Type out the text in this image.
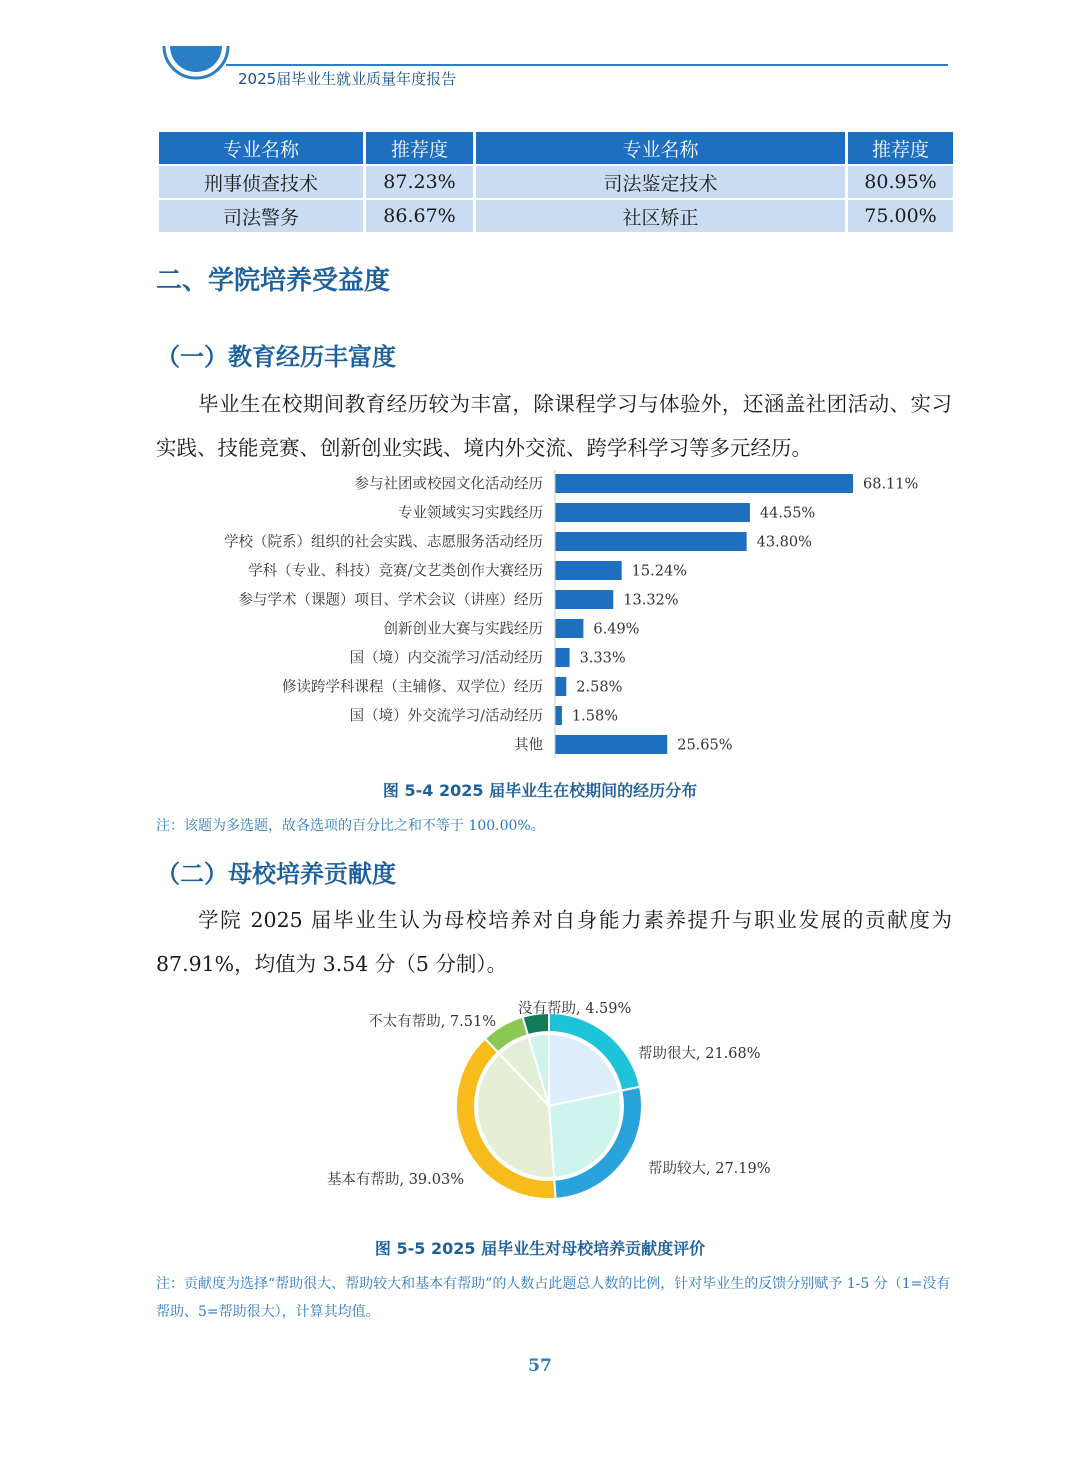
2025届毕业生就业质量年度报告
专业名称	推荐度	专业名称	推荐度
刑事侦查技术	87.23%	司法鉴定技术	80.95%
司法警务	86.67%	社区矫正	75.00%
二、学院培养受益度
（一）教育经历丰富度
毕业生在校期间教育经历较为丰富，除课程学习与体验外，还涵盖社团活动、实习实践、技能竞赛、创新创业实践、境内外交流、跨学科学习等多元经历。
参与社团或校园文化活动经历	68.11%
专业领域实习实践经历	44.55%
学校（院系）组织的社会实践、志愿服务活动经历	43.80%
学科（专业、科技）竞赛/文艺类创作大赛经历	15.24%
参与学术（课题）项目、学术会议（讲座）经历	13.32%
创新创业大赛与实践经历	6.49%
国（境）内交流学习/活动经历	3.33%
修读跨学科课程（主辅修、双学位）经历 2.58%
国（境）外交流学习/活动经历 1.58%
其他	25.65%
图 5-4 2025 届毕业生在校期间的经历分布
注：该题为多选题，故各选项的百分比之和不等于 100.00%。
（二）母校培养贡献度
学院 2025 届毕业生认为母校培养对自身能力素养提升与职业发展的贡献度为 87.91%，均值为 3.54 分（5 分制）。
帮助很大, 21.68%
帮助较大, 27.19%
基本有帮助, 39.03%
不太有帮助, 7.51%
没有帮助, 4.59%
图 5-5 2025 届毕业生对母校培养贡献度评价
注：贡献度为选择“帮助很大、帮助较大和基本有帮助”的人数占此题总人数的比例，针对毕业生的反馈分别赋予 1-5 分（1=没有帮助、5=帮助很大），计算其均值。
57
